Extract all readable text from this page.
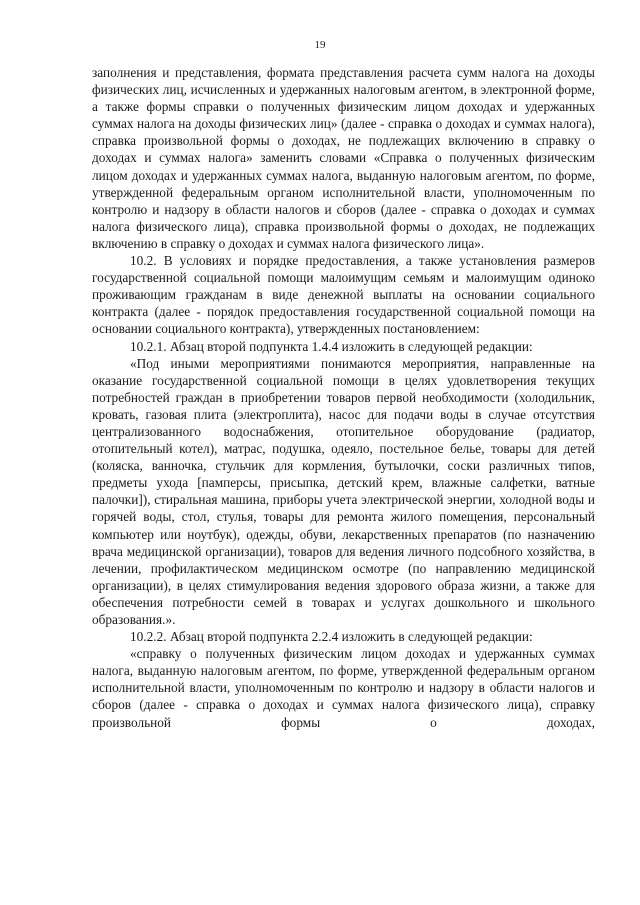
19

заполнения и представления, формата представления расчета сумм налога на доходы физических лиц, исчисленных и удержанных налоговым агентом, в электронной форме, а также формы справки о полученных физическим лицом доходах и удержанных суммах налога на доходы физических лиц» (далее - справка о доходах и суммах налога), справка произвольной формы о доходах, не подлежащих включению в справку о доходах и суммах налога» заменить словами «Справка о полученных физическим лицом доходах и удержанных суммах налога, выданную налоговым агентом, по форме, утвержденной федеральным органом исполнительной власти, уполномоченным по контролю и надзору в области налогов и сборов (далее - справка о доходах и суммах налога физического лица), справка произвольной формы о доходах, не подлежащих включению в справку о доходах и суммах налога физического лица».

10.2. В условиях и порядке предоставления, а также установления размеров государственной социальной помощи малоимущим семьям и малоимущим одиноко проживающим гражданам в виде денежной выплаты на основании социального контракта (далее - порядок предоставления государственной социальной помощи на основании социального контракта), утвержденных постановлением:

10.2.1. Абзац второй подпункта 1.4.4 изложить в следующей редакции:

«Под иными мероприятиями понимаются мероприятия, направленные на оказание государственной социальной помощи в целях удовлетворения текущих потребностей граждан в приобретении товаров первой необходимости (холодильник, кровать, газовая плита (электроплита), насос для подачи воды в случае отсутствия централизованного водоснабжения, отопительное оборудование (радиатор, отопительный котел), матрас, подушка, одеяло, постельное белье, товары для детей (коляска, ванночка, стульчик для кормления, бутылочки, соски различных типов, предметы ухода [памперсы, присыпка, детский крем, влажные салфетки, ватные палочки]), стиральная машина, приборы учета электрической энергии, холодной воды и горячей воды, стол, стулья, товары для ремонта жилого помещения, персональный компьютер или ноутбук), одежды, обуви, лекарственных препаратов (по назначению врача медицинской организации), товаров для ведения личного подсобного хозяйства, в лечении, профилактическом медицинском осмотре (по направлению медицинской организации), в целях стимулирования ведения здорового образа жизни, а также для обеспечения потребности семей в товарах и услугах дошкольного и школьного образования.».

10.2.2. Абзац второй подпункта 2.2.4 изложить в следующей редакции:

«справку о полученных физическим лицом доходах и удержанных суммах налога, выданную налоговым агентом, по форме, утвержденной федеральным органом исполнительной власти, уполномоченным по контролю и надзору в области налогов и сборов (далее - справка о доходах и суммах налога физического лица), справку произвольной формы о доходах,
